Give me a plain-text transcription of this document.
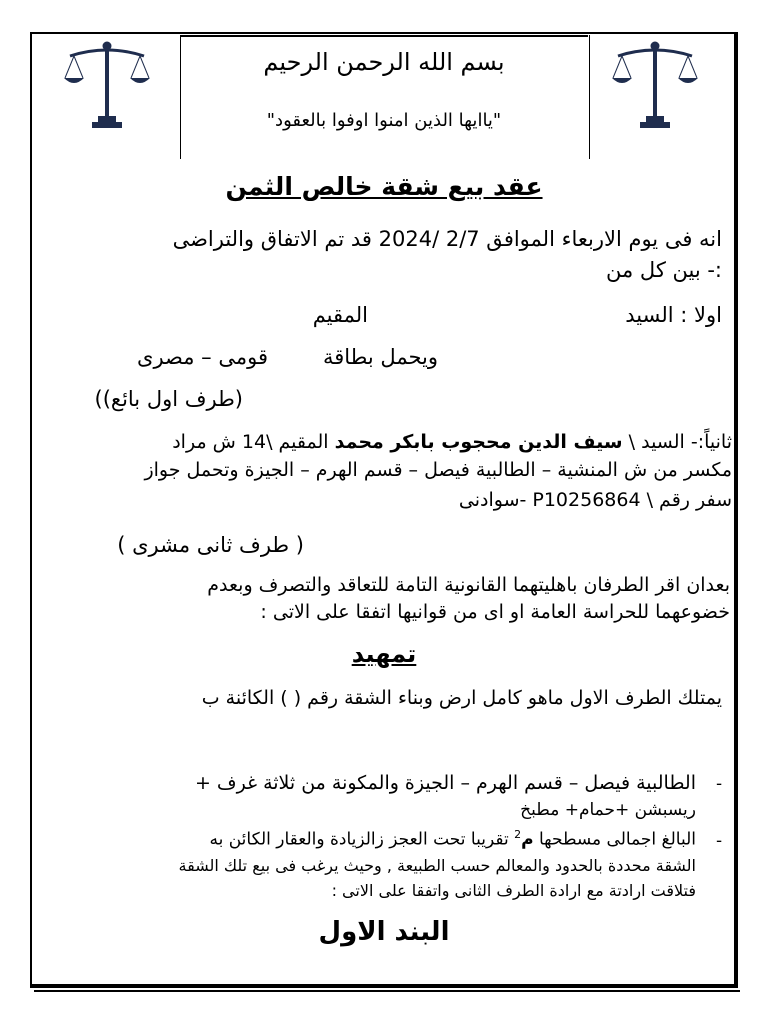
بسم الله الرحمن الرحيم
"ياايها الذين امنوا اوفوا بالعقود"
عقد بيع شقة خالص الثمن
انه فى يوم الاربعاء الموافق 2/7 /2024 قد تم الاتفاق والتراضى
:- بين كل من
اولا : السيد
المقيم
ويحمل بطاقة
قومى – مصرى
(طرف اول بائع))
ثانياً:- السيد \ سيف الدين محجوب بابكر محمد المقيم \14 ش مراد
مكسر من ش المنشية – الطالبية فيصل – قسم الهرم – الجيزة وتحمل جواز
سفر رقم \ P10256864 -سوادنى
( طرف ثانى مشرى )
بعدان اقر الطرفان باهليتهما القانونية التامة للتعاقد والتصرف وبعدم
خضوعهما للحراسة العامة او اى من قوانيها اتفقا على الاتى :
تمهيد
يمتلك الطرف الاول ماهو كامل ارض وبناء الشقة رقم ( ) الكائنة ب
-
الطالبية فيصل – قسم الهرم – الجيزة والمكونة من ثلاثة غرف +
ريسبشن +حمام+ مطبخ
-
البالغ اجمالى مسطحها م$^2$ تقريبا تحت العجز زالزيادة والعقار الكائن به
الشقة محددة بالحدود والمعالم حسب الطبيعة , وحيث يرغب فى بيع تلك الشقة
فتلاقت ارادتة مع ارادة الطرف الثانى واتفقا على الاتى :
البند الاول
